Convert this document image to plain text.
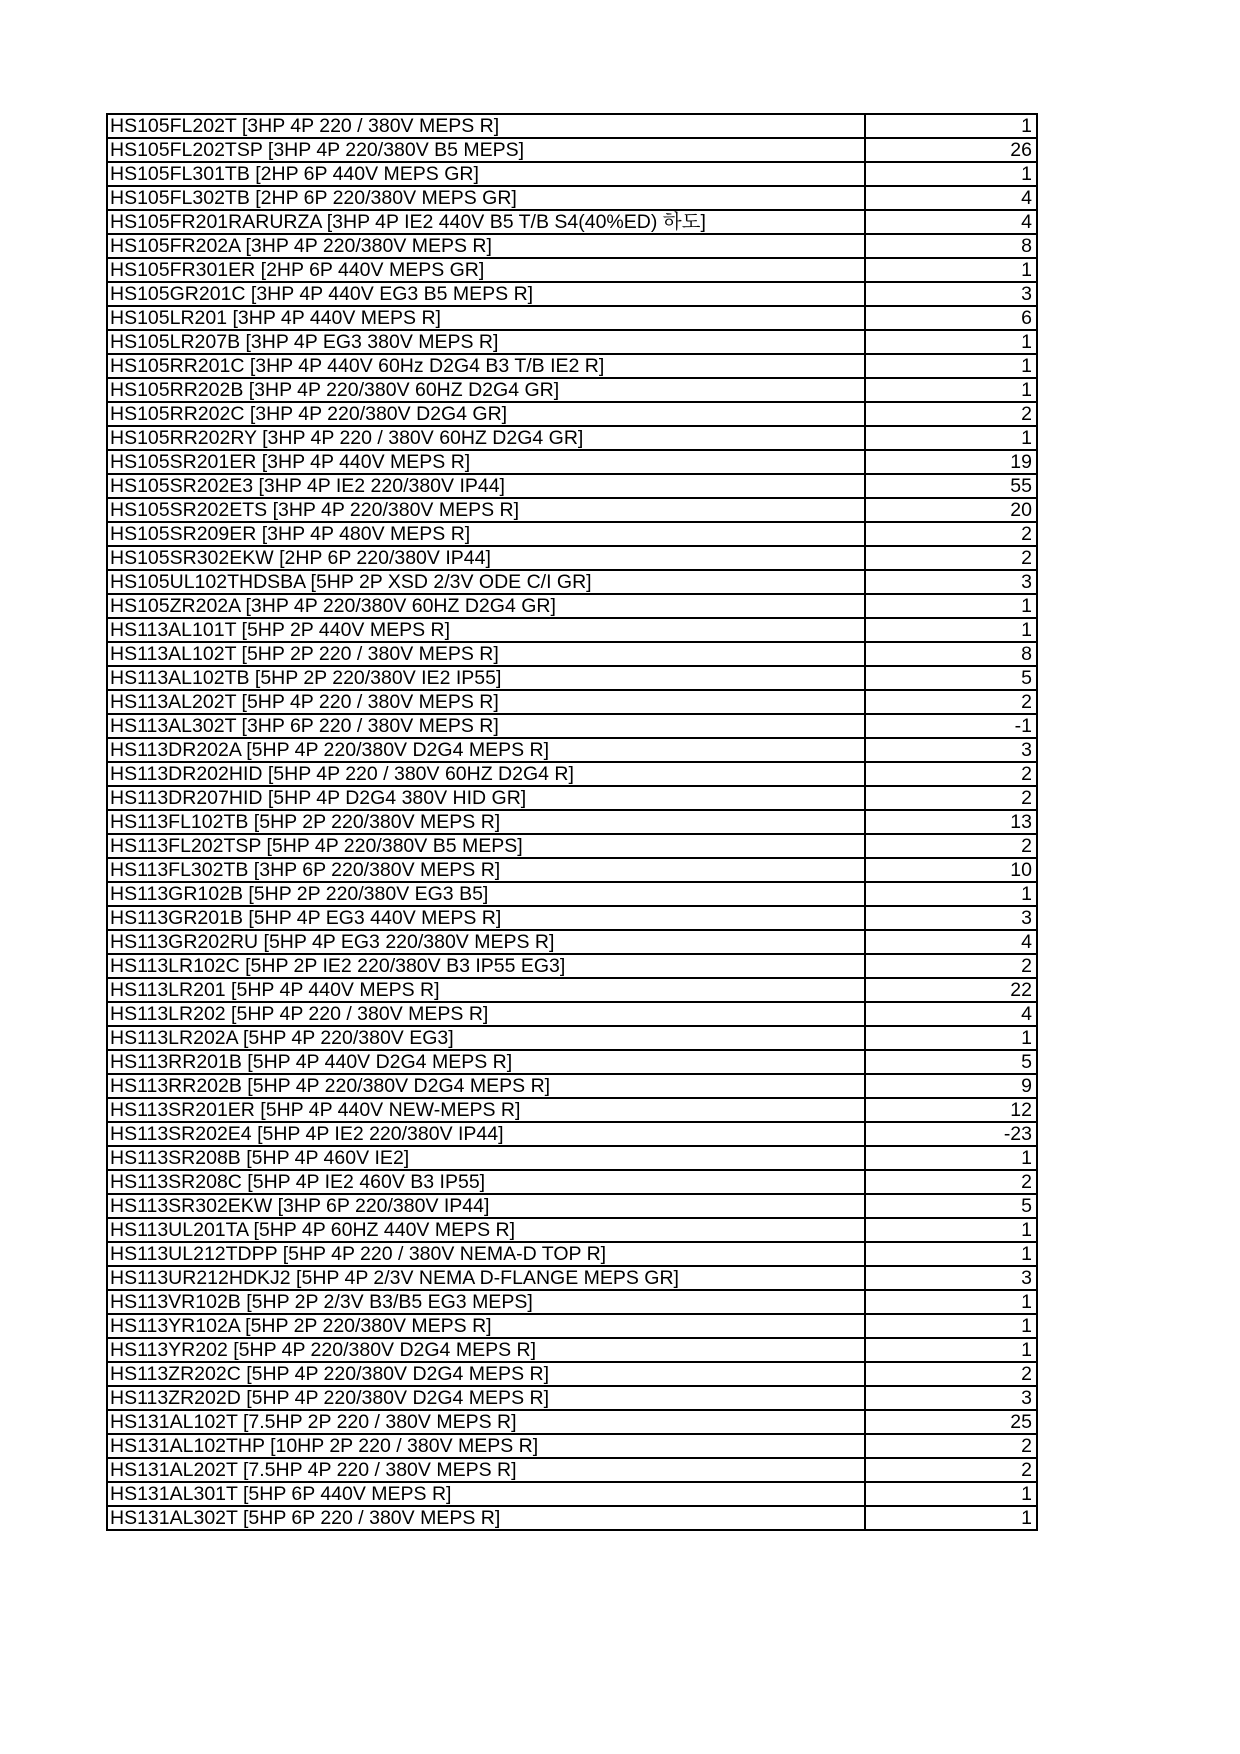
HS105FL202T [3HP 4P 220 / 380V MEPS R]	1
HS105FL202TSP [3HP 4P 220/380V B5 MEPS]	26
HS105FL301TB [2HP 6P 440V MEPS GR]	1
HS105FL302TB [2HP 6P 220/380V MEPS GR]	4
HS105FR201RARURZA [3HP 4P IE2 440V B5 T/B S4(40%ED) 하도]	4
HS105FR202A [3HP 4P 220/380V MEPS R]	8
HS105FR301ER [2HP 6P 440V MEPS GR]	1
HS105GR201C [3HP 4P 440V EG3 B5 MEPS R]	3
HS105LR201 [3HP 4P 440V MEPS R]	6
HS105LR207B [3HP 4P EG3 380V MEPS R]	1
HS105RR201C [3HP 4P 440V 60Hz D2G4 B3 T/B IE2 R]	1
HS105RR202B [3HP 4P 220/380V 60HZ D2G4 GR]	1
HS105RR202C [3HP 4P 220/380V D2G4 GR]	2
HS105RR202RY [3HP 4P 220 / 380V 60HZ D2G4 GR]	1
HS105SR201ER [3HP 4P 440V MEPS R]	19
HS105SR202E3 [3HP 4P IE2 220/380V IP44]	55
HS105SR202ETS [3HP 4P 220/380V MEPS R]	20
HS105SR209ER [3HP 4P 480V MEPS R]	2
HS105SR302EKW [2HP 6P 220/380V IP44]	2
HS105UL102THDSBA [5HP 2P XSD 2/3V ODE C/I GR]	3
HS105ZR202A [3HP 4P 220/380V 60HZ D2G4 GR]	1
HS113AL101T [5HP 2P 440V MEPS R]	1
HS113AL102T [5HP 2P 220 / 380V MEPS R]	8
HS113AL102TB [5HP 2P 220/380V IE2 IP55]	5
HS113AL202T [5HP 4P 220 / 380V MEPS R]	2
HS113AL302T [3HP 6P 220 / 380V MEPS R]	-1
HS113DR202A [5HP 4P 220/380V D2G4 MEPS R]	3
HS113DR202HID [5HP 4P 220 / 380V 60HZ D2G4 R]	2
HS113DR207HID [5HP 4P D2G4 380V HID GR]	2
HS113FL102TB [5HP 2P 220/380V MEPS R]	13
HS113FL202TSP [5HP 4P 220/380V B5 MEPS]	2
HS113FL302TB [3HP 6P 220/380V MEPS R]	10
HS113GR102B [5HP 2P 220/380V EG3 B5]	1
HS113GR201B [5HP 4P EG3 440V MEPS R]	3
HS113GR202RU [5HP 4P EG3 220/380V MEPS R]	4
HS113LR102C [5HP 2P IE2 220/380V B3 IP55 EG3]	2
HS113LR201 [5HP 4P 440V MEPS R]	22
HS113LR202 [5HP 4P 220 / 380V MEPS R]	4
HS113LR202A [5HP 4P 220/380V EG3]	1
HS113RR201B [5HP 4P 440V D2G4 MEPS R]	5
HS113RR202B [5HP 4P 220/380V D2G4 MEPS R]	9
HS113SR201ER [5HP 4P 440V NEW-MEPS R]	12
HS113SR202E4 [5HP 4P IE2 220/380V IP44]	-23
HS113SR208B [5HP 4P 460V IE2]	1
HS113SR208C [5HP 4P IE2 460V B3 IP55]	2
HS113SR302EKW [3HP 6P 220/380V IP44]	5
HS113UL201TA [5HP 4P 60HZ 440V MEPS R]	1
HS113UL212TDPP [5HP 4P 220 / 380V NEMA-D TOP R]	1
HS113UR212HDKJ2 [5HP 4P 2/3V NEMA D-FLANGE MEPS GR]	3
HS113VR102B [5HP 2P 2/3V B3/B5 EG3 MEPS]	1
HS113YR102A [5HP 2P 220/380V MEPS R]	1
HS113YR202 [5HP 4P 220/380V D2G4 MEPS R]	1
HS113ZR202C [5HP 4P 220/380V D2G4 MEPS R]	2
HS113ZR202D [5HP 4P 220/380V D2G4 MEPS R]	3
HS131AL102T [7.5HP 2P 220 / 380V MEPS R]	25
HS131AL102THP [10HP 2P 220 / 380V MEPS R]	2
HS131AL202T [7.5HP 4P 220 / 380V MEPS R]	2
HS131AL301T [5HP 6P 440V MEPS R]	1
HS131AL302T [5HP 6P 220 / 380V MEPS R]	1
